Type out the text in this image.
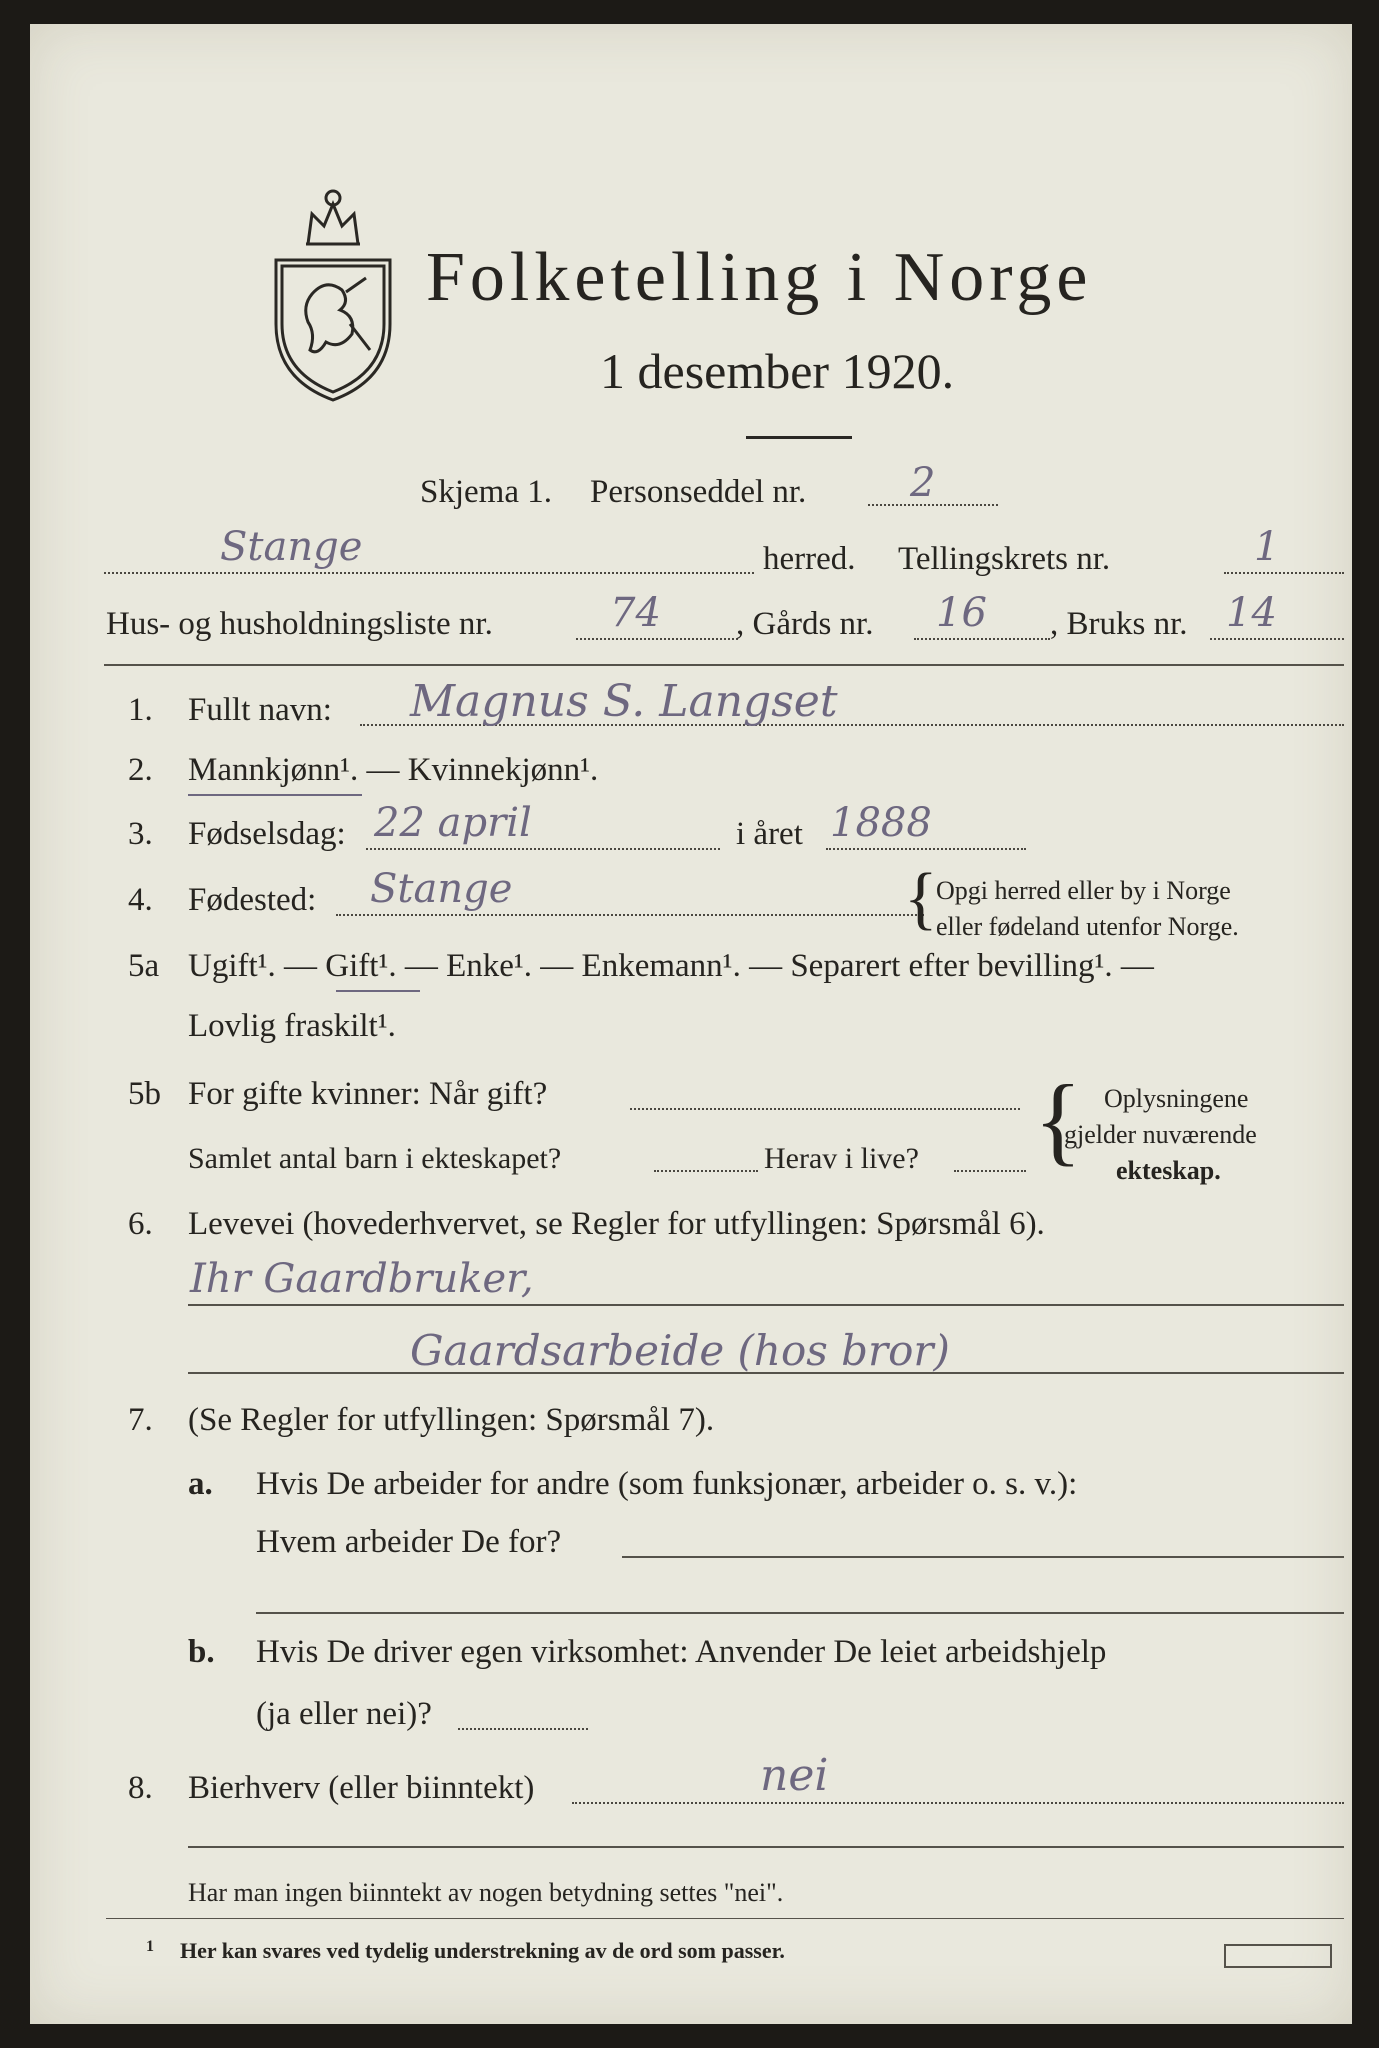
Folketelling i Norge
1 desember 1920.
Skjema 1. Personseddel nr.	2
Stange	herred. Tellingskrets nr.	1
Hus- og husholdningsliste nr.	74 , Gårds nr. 16 , Bruks nr. 14
1. Fullt navn: Magnus S. Langset
2. Mannkjønn¹. — Kvinnekjønn¹.
3. Fødselsdag: 22 april	i året 1888
4. Fødested: Stange	{
Opgi herred eller by i Norge
eller fødeland utenfor Norge.
5a Ugift¹. — Gift¹. — Enke¹. — Enkemann¹. — Separert efter bevilling¹. —
Lovlig fraskilt¹.
5b For gifte kvinner: Når gift?
Samlet antal barn i ekteskapet?	Herav i live? { Oplysningene
gjelder nuværende
ekteskap.
6. Levevei (hovederhvervet, se Regler for utfyllingen: Spørsmål 6).
Ihr Gaardbruker,
Gaardsarbeide (hos bror)
7. (Se Regler for utfyllingen: Spørsmål 7).
a. Hvis De arbeider for andre (som funksjonær, arbeider o. s. v.):
Hvem arbeider De for?
b. Hvis De driver egen virksomhet: Anvender De leiet arbeidshjelp
(ja eller nei)?
8. Bierhverv (eller biinntekt)	nei
Har man ingen biinntekt av nogen betydning settes "nei".
1 Her kan svares ved tydelig understrekning av de ord som passer.
